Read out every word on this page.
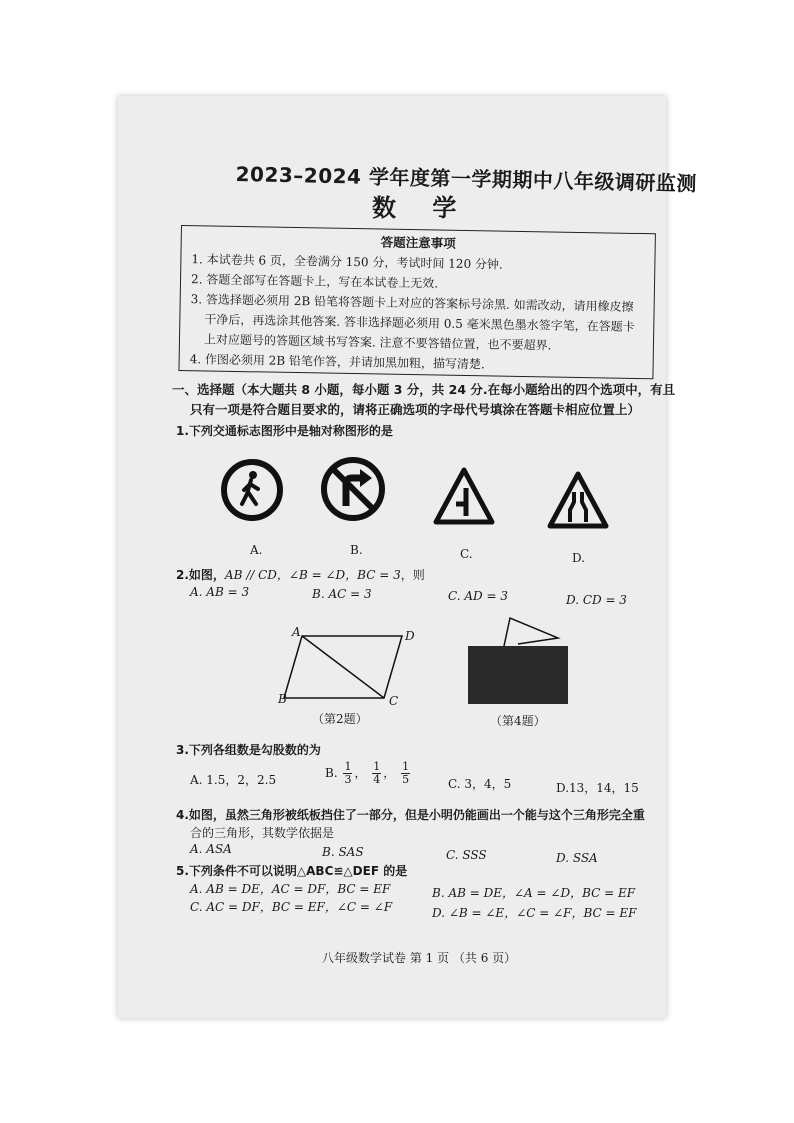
2023–2024 学年度第一学期期中八年级调研监测
数 学
答题注意事项
1. 本试卷共 6 页，全卷满分 150 分，考试时间 120 分钟.
2. 答题全部写在答题卡上，写在本试卷上无效.
3. 答选择题必须用 2B 铅笔将答题卡上对应的答案标号涂黑. 如需改动，请用橡皮擦
干净后，再选涂其他答案. 答非选择题必须用 0.5 毫米黑色墨水签字笔，在答题卡
上对应题号的答题区域书写答案. 注意不要答错位置，也不要超界.
4. 作图必须用 2B 铅笔作答，并请加黑加粗，描写清楚.
一、选择题（本大题共 8 小题，每小题 3 分，共 24 分.在每小题给出的四个选项中，有且
只有一项是符合题目要求的，请将正确选项的字母代号填涂在答题卡相应位置上）
1.下列交通标志图形中是轴对称图形的是
A.	B.	C.	D.
2.如图，AB // CD，∠B = ∠D，BC = 3，则
A. AB = 3	B. AC = 3	C. AD = 3	D. CD = 3
A	D
B	C
（第2题）	（第4题）
3.下列各组数是勾股数的为
A. 1.5，2，2.5	B. $\frac{1}{3}$ ， $\frac{1}{4}$ ， $\frac{1}{5}$	C. 3，4，5	D.13，14，15
4.如图，虽然三角形被纸板挡住了一部分，但是小明仍能画出一个能与这个三角形完全重
合的三角形，其数学依据是
A. ASA	B. SAS	C. SSS	D. SSA
5.下列条件不可以说明△ABC≌△DEF 的是
A. AB = DE，AC = DF，BC = EF	B. AB = DE，∠A = ∠D，BC = EF
C. AC = DF，BC = EF，∠C = ∠F	D. ∠B = ∠E，∠C = ∠F，BC = EF
八年级数学试卷 第 1 页 （共 6 页）
